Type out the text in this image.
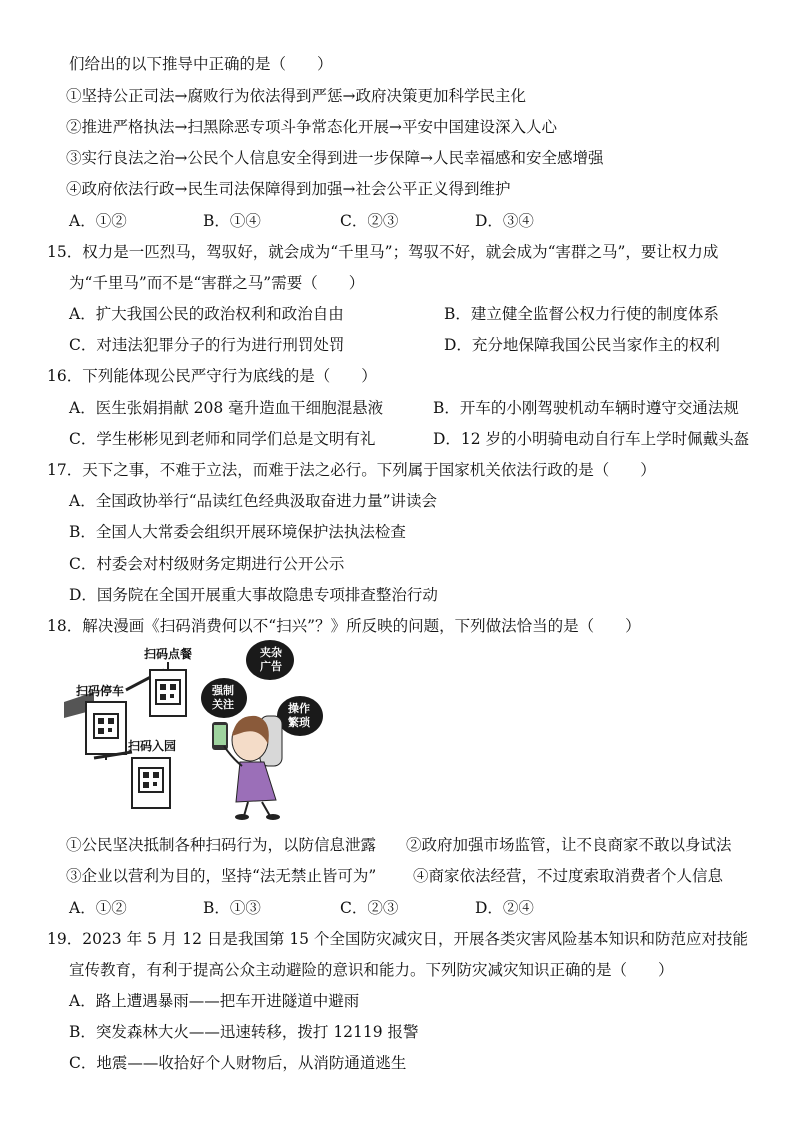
们给出的以下推导中正确的是（　　）
①坚持公正司法→腐败行为依法得到严惩→政府决策更加科学民主化
②推进严格执法→扫黑除恶专项斗争常态化开展→平安中国建设深入人心
③实行良法之治→公民个人信息安全得到进一步保障→人民幸福感和安全感增强
④政府依法行政→民生司法保障得到加强→社会公平正义得到维护
A．①②	B．①④	C．②③	D．③④
15．权力是一匹烈马，驾驭好，就会成为“千里马”；驾驭不好，就会成为“害群之马”，要让权力成
为“千里马”而不是“害群之马”需要（　　）
A．扩大我国公民的政治权利和政治自由	B．建立健全监督公权力行使的制度体系
C．对违法犯罪分子的行为进行刑罚处罚	D．充分地保障我国公民当家作主的权利
16．下列能体现公民严守行为底线的是（　　）
A．医生张娟捐献 208 毫升造血干细胞混悬液	B．开车的小刚驾驶机动车辆时遵守交通法规
C．学生彬彬见到老师和同学们总是文明有礼	D．12 岁的小明骑电动自行车上学时佩戴头盔
17．天下之事，不难于立法，而难于法之必行。下列属于国家机关依法行政的是（　　）
A．全国政协举行“品读红色经典汲取奋进力量”讲读会
B．全国人大常委会组织开展环境保护法执法检查
C．村委会对村级财务定期进行公开公示
D．国务院在全国开展重大事故隐患专项排查整治行动
18．解决漫画《扫码消费何以不“扫兴”？》所反映的问题，下列做法恰当的是（　　）
扫码停车
扫码点餐
扫码入园
夹杂
广告
强制
关注	操作
繁琐
①公民坚决抵制各种扫码行为，以防信息泄露 ②政府加强市场监管，让不良商家不敢以身试法
③企业以营利为目的，坚持“法无禁止皆可为” ④商家依法经营，不过度索取消费者个人信息
A．①②	B．①③	C．②③	D．②④
19．2023 年 5 月 12 日是我国第 15 个全国防灾减灾日，开展各类灾害风险基本知识和防范应对技能
宣传教育，有利于提高公众主动避险的意识和能力。下列防灾减灾知识正确的是（　　）
A．路上遭遇暴雨——把车开进隧道中避雨
B．突发森林大火——迅速转移，拨打 12119 报警
C．地震——收拾好个人财物后，从消防通道逃生
